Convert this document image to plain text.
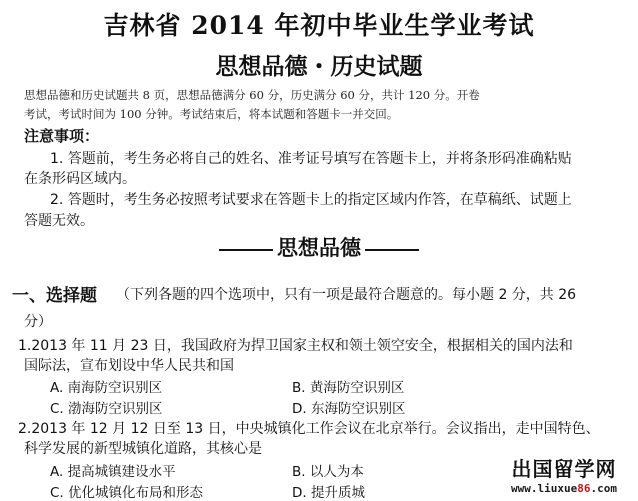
吉林省 2014 年初中毕业生学业考试
思想品德・历史试题
思想品德和历史试题共 8 页，思想品德满分 60 分，历史满分 60 分，共计 120 分。开卷
考试，考试时间为 100 分钟。考试结束后，将本试题和答题卡一并交回。
注意事项：
1. 答题前，考生务必将自己的姓名、准考证号填写在答题卡上，并将条形码准确粘贴
在条形码区域内。
2. 答题时，考生务必按照考试要求在答题卡上的指定区域内作答，在草稿纸、试题上
答题无效。
思想品德
一、选择题 （下列各题的四个选项中，只有一项是最符合题意的。每小题 2 分，共 26
分）
1.2013 年 11 月 23 日，我国政府为捍卫国家主权和领土领空安全，根据相关的国内法和
国际法，宣布划设中华人民共和国
A. 南海防空识别区	B. 黄海防空识别区
C. 渤海防空识别区	D. 东海防空识别区
2.2013 年 12 月 12 日至 13 日，中央城镇化工作会议在北京举行。会议指出，走中国特色、
科学发展的新型城镇化道路，其核心是
A. 提高城镇建设水平	B. 以人为本
C. 优化城镇化布局和形态	D. 提升质城
出国留学网
www.liuxue86.com
